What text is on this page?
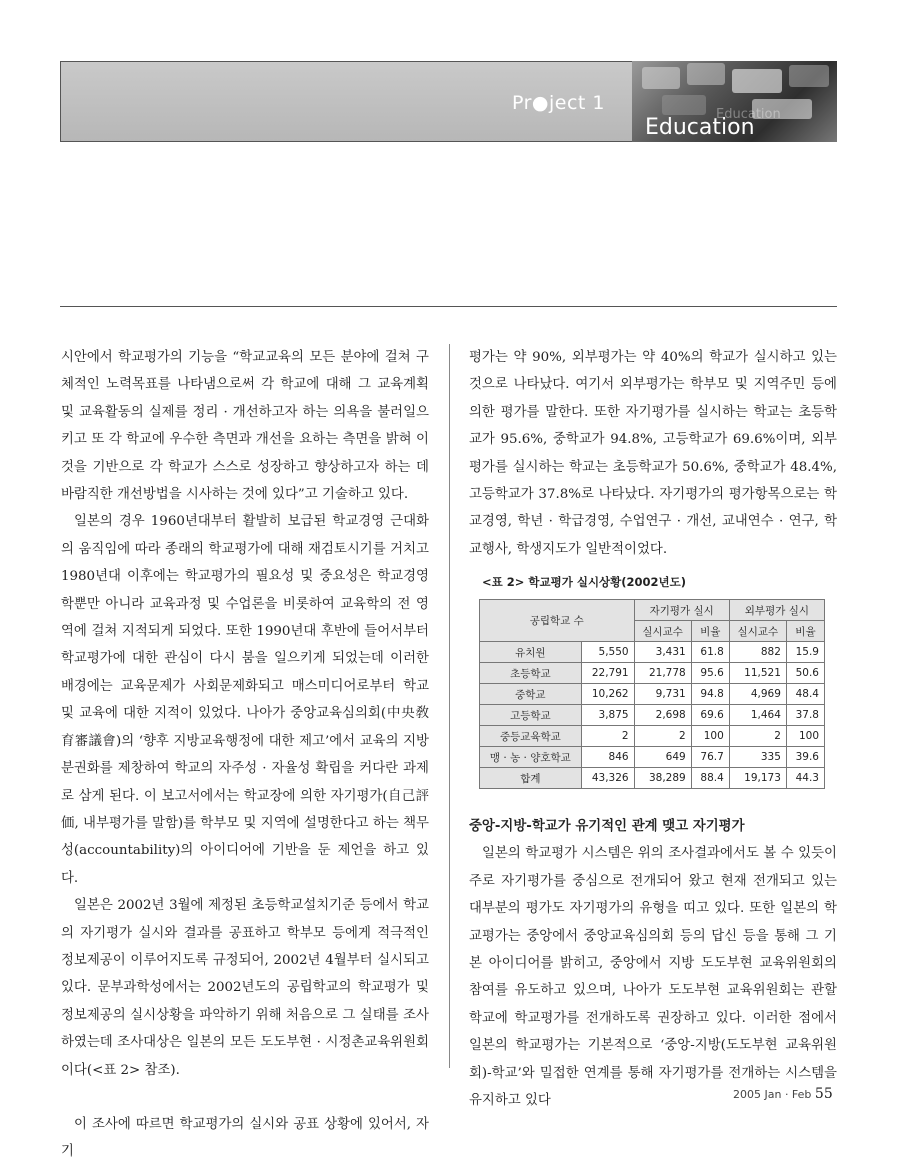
Pr●ject 1
Education
Education

시안에서 학교평가의 기능을 “학교교육의 모든 분야에 걸쳐 구체적인 노력목표를 나타냄으로써 각 학교에 대해 그 교육계획 및 교육활동의 실제를 정리 · 개선하고자 하는 의욕을 불러일으키고 또 각 학교에 우수한 측면과 개선을 요하는 측면을 밝혀 이것을 기반으로 각 학교가 스스로 성장하고 향상하고자 하는 데 바람직한 개선방법을 시사하는 것에 있다”고 기술하고 있다.

일본의 경우 1960년대부터 활발히 보급된 학교경영 근대화의 움직임에 따라 종래의 학교평가에 대해 재검토시기를 거치고 1980년대 이후에는 학교평가의 필요성 및 중요성은 학교경영학뿐만 아니라 교육과정 및 수업론을 비롯하여 교육학의 전 영역에 걸쳐 지적되게 되었다. 또한 1990년대 후반에 들어서부터 학교평가에 대한 관심이 다시 붐을 일으키게 되었는데 이러한 배경에는 교육문제가 사회문제화되고 매스미디어로부터 학교 및 교육에 대한 지적이 있었다. 나아가 중앙교육심의회(中央敎育審議會)의 ‘향후 지방교육행정에 대한 제고’에서 교육의 지방분권화를 제창하여 학교의 자주성 · 자율성 확립을 커다란 과제로 삼게 된다. 이 보고서에서는 학교장에 의한 자기평가(自己評価, 내부평가를 말함)를 학부모 및 지역에 설명한다고 하는 책무성(accountability)의 아이디어에 기반을 둔 제언을 하고 있다.

일본은 2002년 3월에 제정된 초등학교설치기준 등에서 학교의 자기평가 실시와 결과를 공표하고 학부모 등에게 적극적인 정보제공이 이루어지도록 규정되어, 2002년 4월부터 실시되고 있다. 문부과학성에서는 2002년도의 공립학교의 학교평가 및 정보제공의 실시상황을 파악하기 위해 처음으로 그 실태를 조사하였는데 조사대상은 일본의 모든 도도부현 · 시정촌교육위원회이다(<표 2> 참조).

이 조사에 따르면 학교평가의 실시와 공표 상황에 있어서, 자기

평가는 약 90%, 외부평가는 약 40%의 학교가 실시하고 있는 것으로 나타났다. 여기서 외부평가는 학부모 및 지역주민 등에 의한 평가를 말한다. 또한 자기평가를 실시하는 학교는 초등학교가 95.6%, 중학교가 94.8%, 고등학교가 69.6%이며, 외부평가를 실시하는 학교는 초등학교가 50.6%, 중학교가 48.4%, 고등학교가 37.8%로 나타났다. 자기평가의 평가항목으로는 학교경영, 학년 · 학급경영, 수업연구 · 개선, 교내연수 · 연구, 학교행사, 학생지도가 일반적이었다.

<표 2> 학교평가 실시상황(2002년도)
공립학교 수		자기평가 실시		외부평가 실시	
		실시교수	비율	실시교수	비율
유치원	5,550	3,431	61.8	882	15.9
초등학교	22,791	21,778	95.6	11,521	50.6
중학교	10,262	9,731	94.8	4,969	48.4
고등학교	3,875	2,698	69.6	1,464	37.8
중등교육학교	2	2	100	2	100
맹 · 농 · 양호학교	846	649	76.7	335	39.6
합계	43,326	38,289	88.4	19,173	44.3

중앙-지방-학교가 유기적인 관계 맺고 자기평가

일본의 학교평가 시스템은 위의 조사결과에서도 볼 수 있듯이 주로 자기평가를 중심으로 전개되어 왔고 현재 전개되고 있는 대부분의 평가도 자기평가의 유형을 띠고 있다. 또한 일본의 학교평가는 중앙에서 중앙교육심의회 등의 답신 등을 통해 그 기본 아이디어를 밝히고, 중앙에서 지방 도도부현 교육위원회의 참여를 유도하고 있으며, 나아가 도도부현 교육위원회는 관할 학교에 학교평가를 전개하도록 권장하고 있다. 이러한 점에서 일본의 학교평가는 기본적으로 ‘중앙-지방(도도부현 교육위원회)-학교’와 밀접한 연계를 통해 자기평가를 전개하는 시스템을 유지하고 있다	2005 Jan · Feb 55
